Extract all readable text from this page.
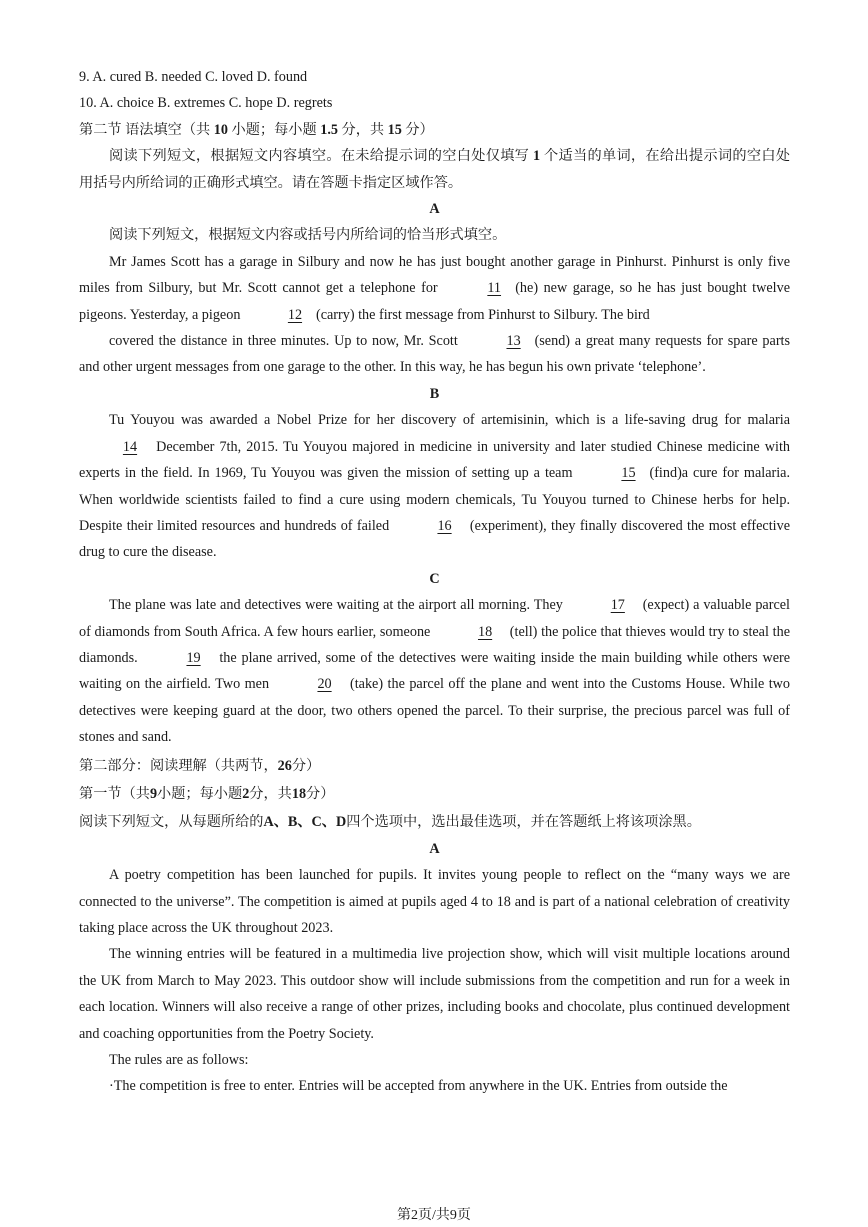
9. A. cured B. needed C. loved D. found
10. A. choice B. extremes C. hope D. regrets
第二节 语法填空（共 10 小题；每小题 1.5 分，共 15 分）

阅读下列短文，根据短文内容填空。在未给提示词的空白处仅填写 1 个适当的单词，在给出提示词的空白处用括号内所给词的正确形式填空。请在答题卡指定区域作答。

A

阅读下列短文，根据短文内容或括号内所给词的恰当形式填空。

Mr James Scott has a garage in Silbury and now he has just bought another garage in Pinhurst. Pinhurst is only five miles from Silbury, but Mr. Scott cannot get a telephone for	11 (he) new garage, so he has just bought twelve pigeons. Yesterday, a pigeon	12 (carry) the first message from Pinhurst to Silbury. The bird

covered the distance in three minutes. Up to now, Mr. Scott	13 (send) a great many requests for spare parts and other urgent messages from one garage to the other. In this way, he has begun his own private ‘telephone’.

B

Tu Youyou was awarded a Nobel Prize for her discovery of artemisinin, which is a life-saving drug for malaria 14 December 7th, 2015. Tu Youyou majored in medicine in university and later studied Chinese medicine with experts in the field. In 1969, Tu Youyou was given the mission of setting up a team	15 (find)a cure for malaria. When worldwide scientists failed to find a cure using modern chemicals, Tu Youyou turned to Chinese herbs for help. Despite their limited resources and hundreds of failed	16 (experiment), they finally discovered the most effective drug to cure the disease.

C

The plane was late and detectives were waiting at the airport all morning. They	17 (expect) a valuable parcel of diamonds from South Africa. A few hours earlier, someone	18 (tell) the police that thieves would try to steal the diamonds.	19 the plane arrived, some of the detectives were waiting inside the main building while others were waiting on the airfield. Two men	20 (take) the parcel off the plane and went into the Customs House. While two detectives were keeping guard at the door, two others opened the parcel. To their surprise, the precious parcel was full of stones and sand.

第二部分：阅读理解（共两节，26分）
第一节（共9小题；每小题2分，共18分）
阅读下列短文，从每题所给的A、B、C、D四个选项中，选出最佳选项，并在答题纸上将该项涂黑。
A

A poetry competition has been launched for pupils. It invites young people to reflect on the “many ways we are connected to the universe”. The competition is aimed at pupils aged 4 to 18 and is part of a national celebration of creativity taking place across the UK throughout 2023.

The winning entries will be featured in a multimedia live projection show, which will visit multiple locations around the UK from March to May 2023. This outdoor show will include submissions from the competition and run for a week in each location. Winners will also receive a range of other prizes, including books and chocolate, plus continued development and coaching opportunities from the Poetry Society.

The rules are as follows:

·The competition is free to enter. Entries will be accepted from anywhere in the UK. Entries from outside the

第2页/共9页
